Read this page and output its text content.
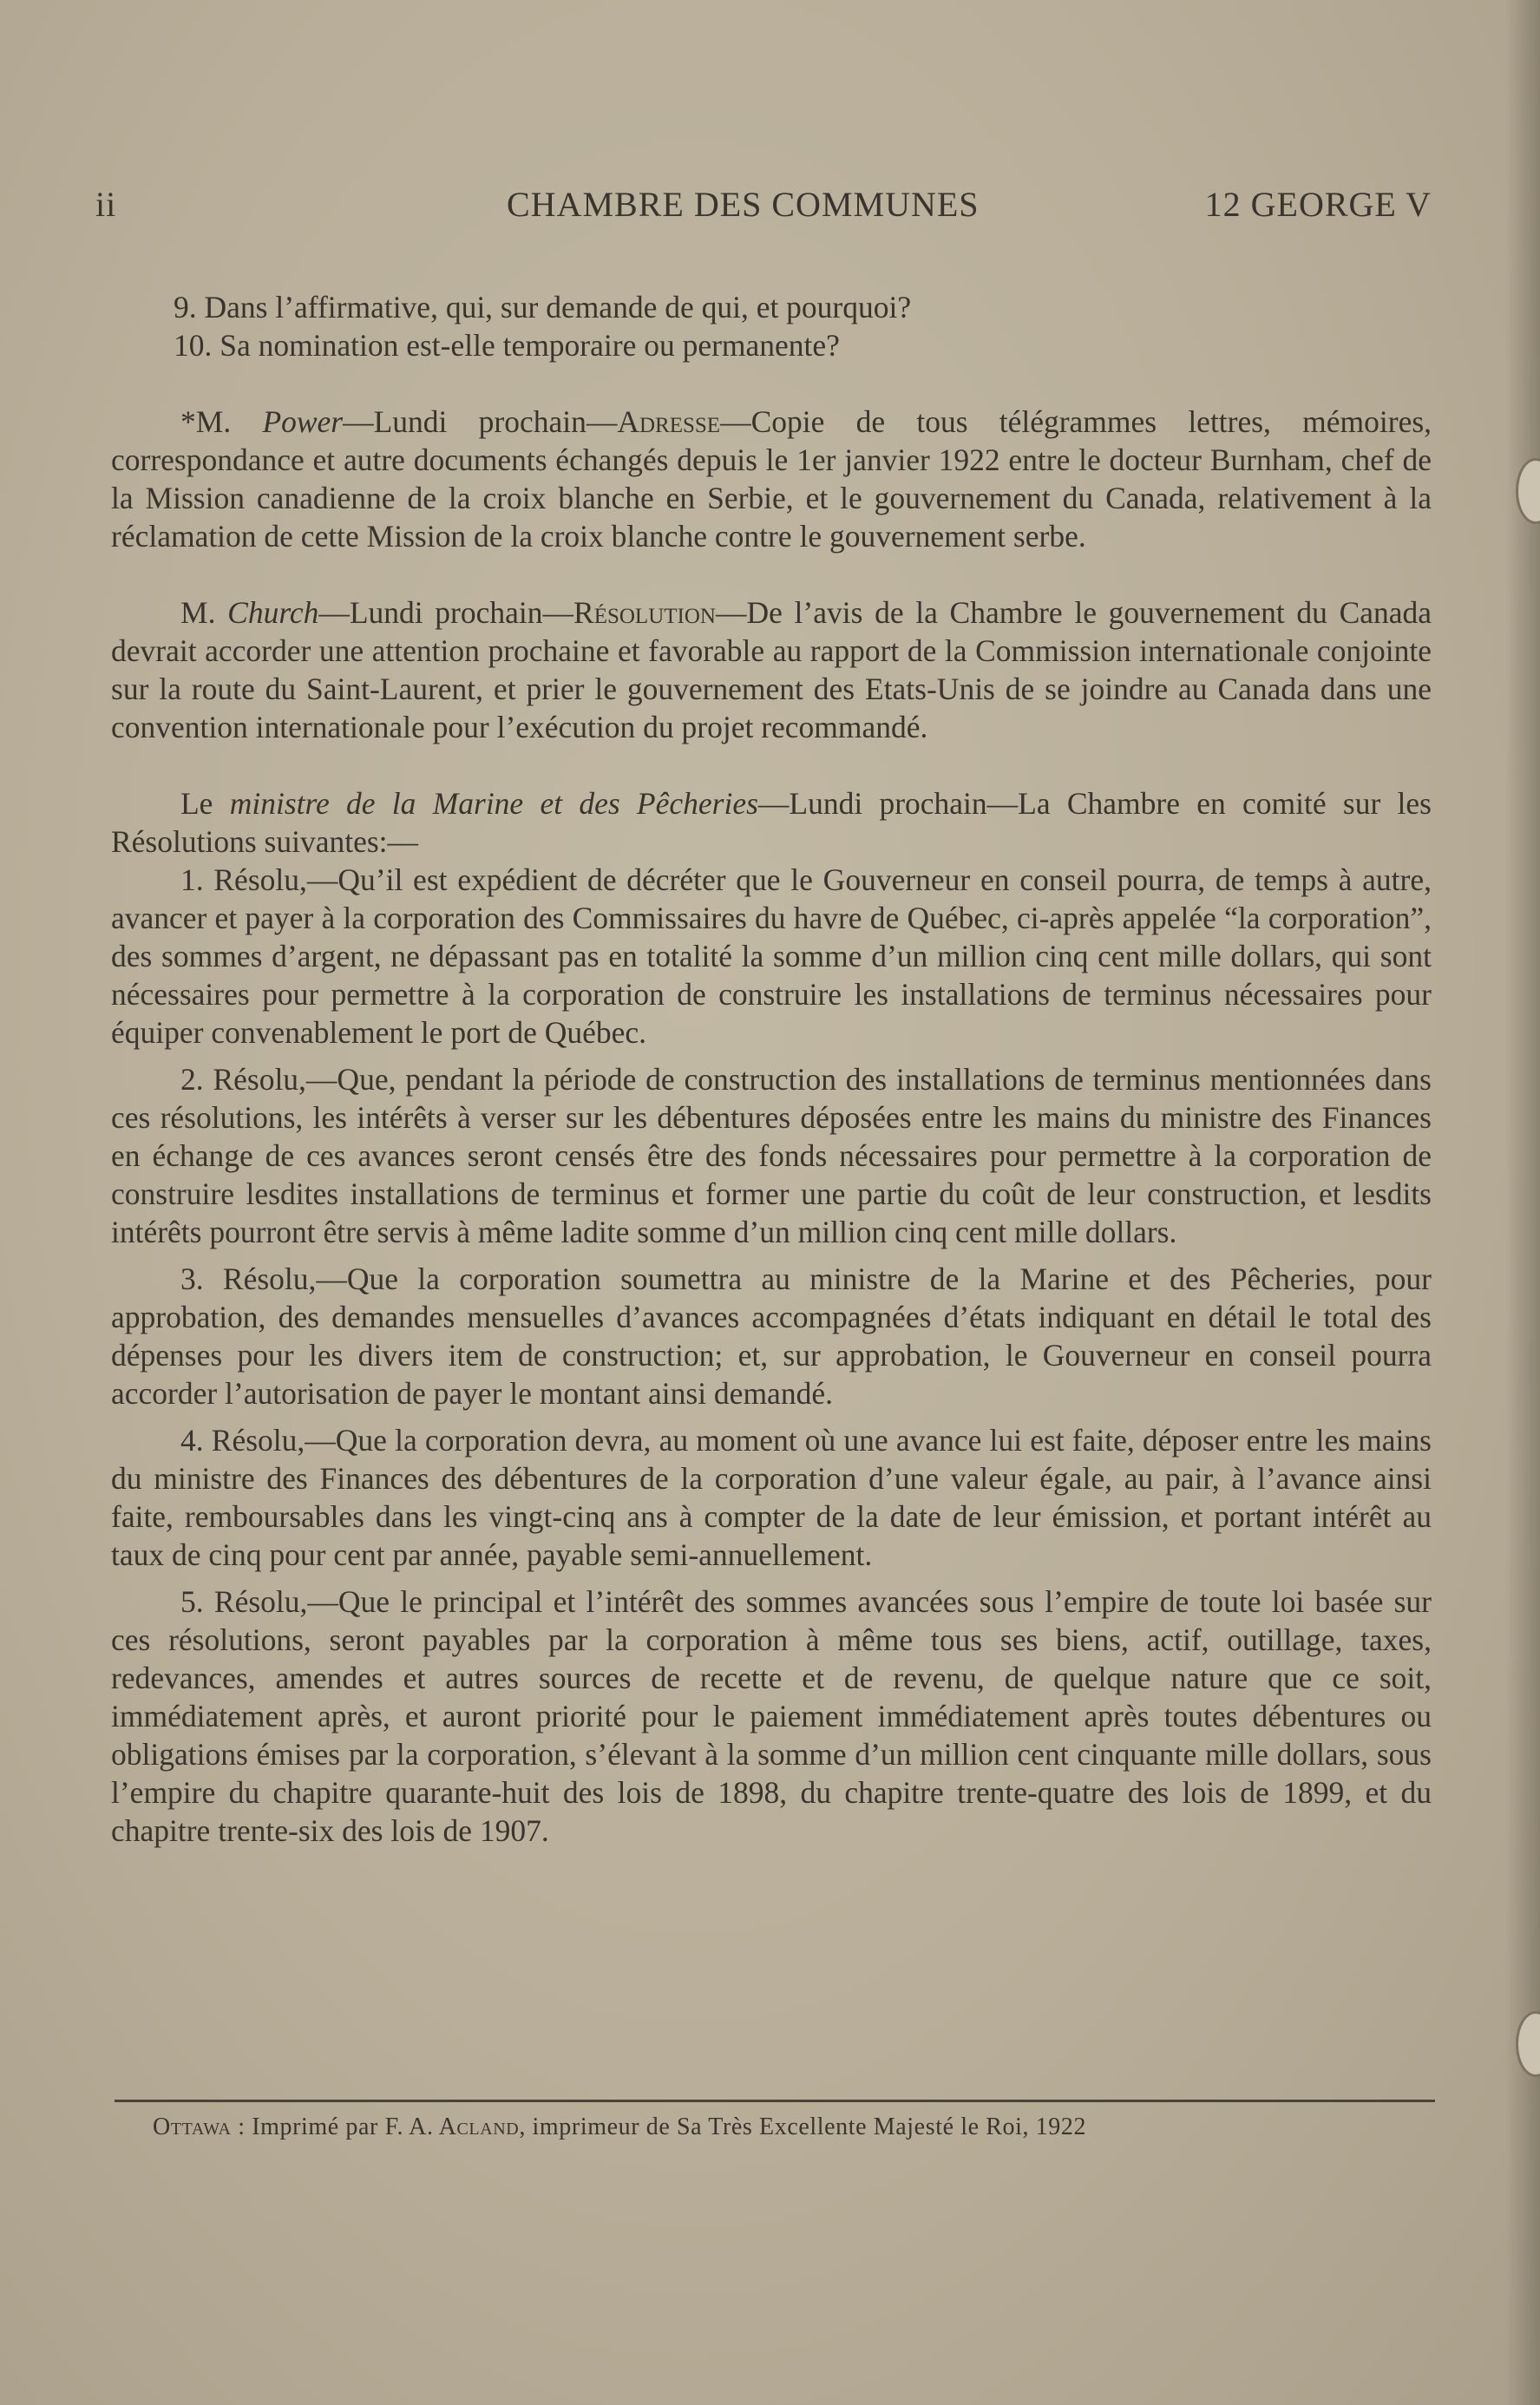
ii	CHAMBRE DES COMMUNES	12 GEORGE V

9. Dans l’affirmative, qui, sur demande de qui, et pourquoi?

10. Sa nomination est-elle temporaire ou permanente?

*M. Power—Lundi prochain—Adresse—Copie de tous télégrammes lettres, mémoires, correspondance et autre documents échangés depuis le 1er janvier 1922 entre le docteur Burnham, chef de la Mission canadienne de la croix blanche en Serbie, et le gouvernement du Canada, relativement à la réclamation de cette Mission de la croix blanche contre le gouvernement serbe.

M. Church—Lundi prochain—Résolution—De l’avis de la Chambre le gouvernement du Canada devrait accorder une attention prochaine et favorable au rapport de la Commission internationale conjointe sur la route du Saint-Laurent, et prier le gouvernement des Etats-Unis de se joindre au Canada dans une convention internationale pour l’exécution du projet recommandé.

Le ministre de la Marine et des Pêcheries—Lundi prochain—La Chambre en comité sur les Résolutions suivantes:—

1. Résolu,—Qu’il est expédient de décréter que le Gouverneur en conseil pourra, de temps à autre, avancer et payer à la corporation des Commissaires du havre de Québec, ci-après appelée “la corporation”, des sommes d’argent, ne dépassant pas en totalité la somme d’un million cinq cent mille dollars, qui sont nécessaires pour permettre à la corporation de construire les installations de terminus nécessaires pour équiper convenablement le port de Québec.

2. Résolu,—Que, pendant la période de construction des installations de terminus mentionnées dans ces résolutions, les intérêts à verser sur les débentures déposées entre les mains du ministre des Finances en échange de ces avances seront censés être des fonds nécessaires pour permettre à la corporation de construire lesdites installations de terminus et former une partie du coût de leur construction, et lesdits intérêts pourront être servis à même ladite somme d’un million cinq cent mille dollars.

3. Résolu,—Que la corporation soumettra au ministre de la Marine et des Pêcheries, pour approbation, des demandes mensuelles d’avances accompagnées d’états indiquant en détail le total des dépenses pour les divers item de construction; et, sur approbation, le Gouverneur en conseil pourra accorder l’autorisation de payer le montant ainsi demandé.

4. Résolu,—Que la corporation devra, au moment où une avance lui est faite, déposer entre les mains du ministre des Finances des débentures de la corporation d’une valeur égale, au pair, à l’avance ainsi faite, remboursables dans les vingt-cinq ans à compter de la date de leur émission, et portant intérêt au taux de cinq pour cent par année, payable semi-annuellement.

5. Résolu,—Que le principal et l’intérêt des sommes avancées sous l’empire de toute loi basée sur ces résolutions, seront payables par la corporation à même tous ses biens, actif, outillage, taxes, redevances, amendes et autres sources de recette et de revenu, de quelque nature que ce soit, immédiatement après, et auront priorité pour le paiement immédiatement après toutes débentures ou obligations émises par la corporation, s’élevant à la somme d’un million cent cinquante mille dollars, sous l’empire du chapitre quarante-huit des lois de 1898, du chapitre trente-quatre des lois de 1899, et du chapitre trente-six des lois de 1907.

Ottawa : Imprimé par F. A. Acland, imprimeur de Sa Très Excellente Majesté le Roi, 1922
